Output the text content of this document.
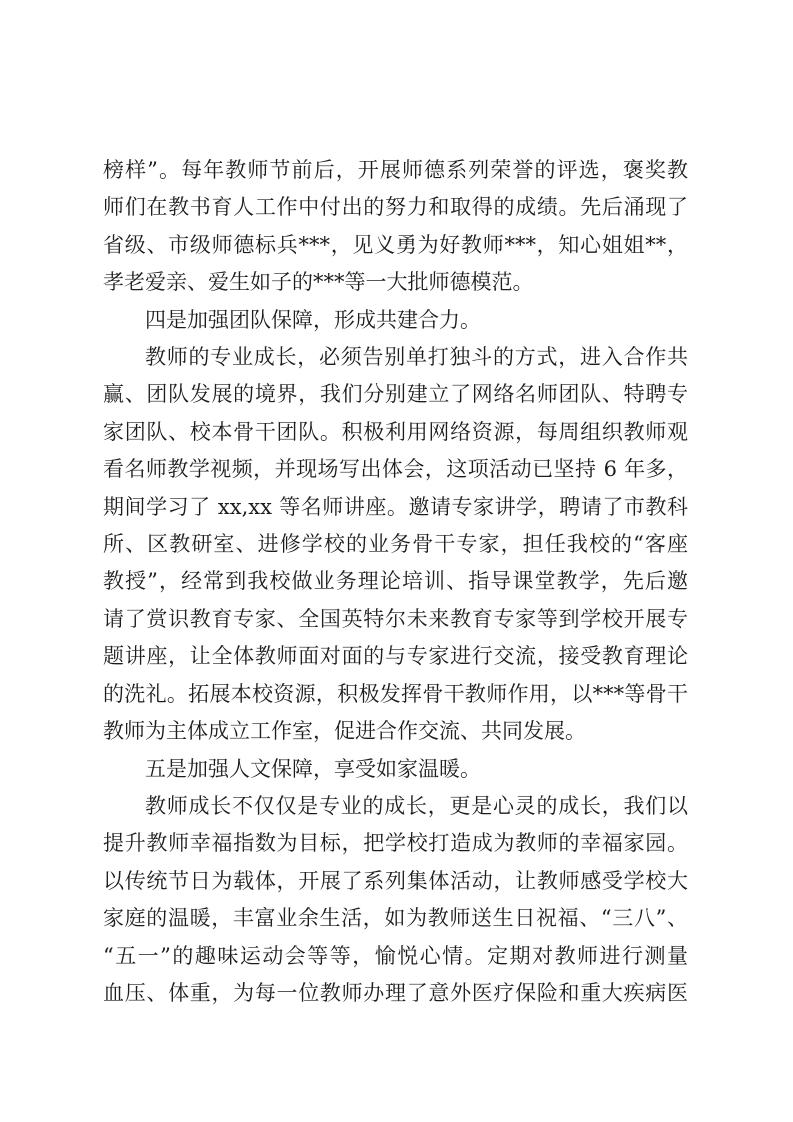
榜样”。每年教师节前后，开展师德系列荣誉的评选，褒奖教
师们在教书育人工作中付出的努力和取得的成绩。先后涌现了
省级、市级师德标兵***，见义勇为好教师***，知心姐姐**，
孝老爱亲、爱生如子的***等一大批师德模范。
四是加强团队保障，形成共建合力。
教师的专业成长，必须告别单打独斗的方式，进入合作共
赢、团队发展的境界，我们分别建立了网络名师团队、特聘专
家团队、校本骨干团队。积极利用网络资源，每周组织教师观
看名师教学视频，并现场写出体会，这项活动已坚持 6 年多，
期间学习了 xx,xx 等名师讲座。邀请专家讲学，聘请了市教科
所、区教研室、进修学校的业务骨干专家，担任我校的“客座
教授”，经常到我校做业务理论培训、指导课堂教学，先后邀
请了赏识教育专家、全国英特尔未来教育专家等到学校开展专
题讲座，让全体教师面对面的与专家进行交流，接受教育理论
的洗礼。拓展本校资源，积极发挥骨干教师作用，以***等骨干
教师为主体成立工作室，促进合作交流、共同发展。
五是加强人文保障，享受如家温暖。
教师成长不仅仅是专业的成长，更是心灵的成长，我们以
提升教师幸福指数为目标，把学校打造成为教师的幸福家园。
以传统节日为载体，开展了系列集体活动，让教师感受学校大
家庭的温暖，丰富业余生活，如为教师送生日祝福、“三八”、
“五一”的趣味运动会等等，愉悦心情。定期对教师进行测量
血压、体重，为每一位教师办理了意外医疗保险和重大疾病医
